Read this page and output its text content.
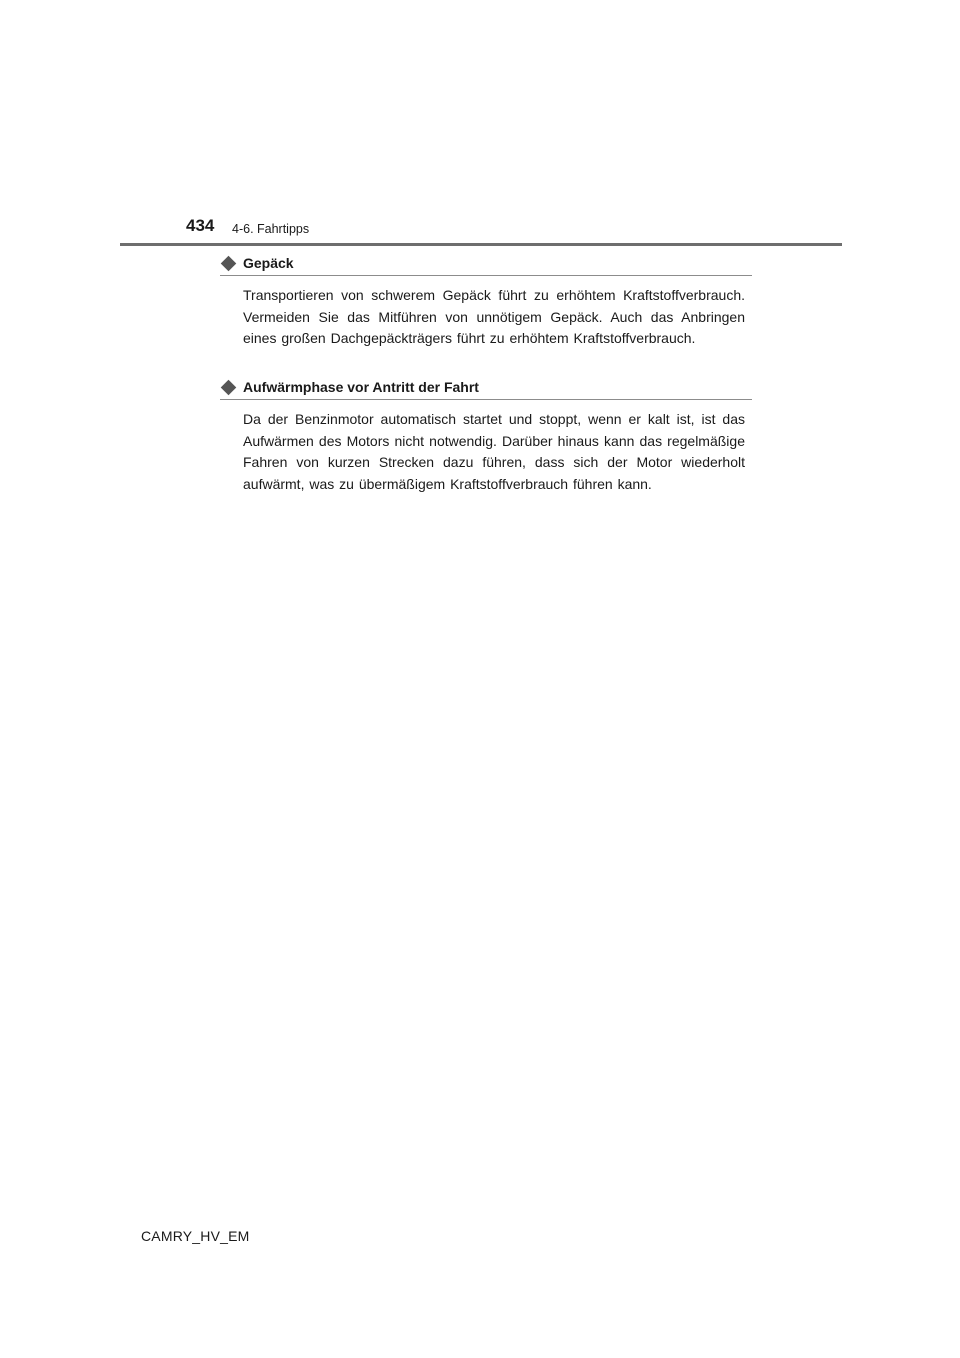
434 4-6. Fahrtipps
Gepäck
Transportieren von schwerem Gepäck führt zu erhöhtem Kraftstoffverbrauch. Vermeiden Sie das Mitführen von unnötigem Gepäck. Auch das Anbringen eines großen Dachgepäckträgers führt zu erhöhtem Kraftstoffverbrauch.
Aufwärmphase vor Antritt der Fahrt
Da der Benzinmotor automatisch startet und stoppt, wenn er kalt ist, ist das Aufwärmen des Motors nicht notwendig. Darüber hinaus kann das regelmäßige Fahren von kurzen Strecken dazu führen, dass sich der Motor wiederholt aufwärmt, was zu übermäßigem Kraftstoffverbrauch führen kann.
CAMRY_HV_EM
